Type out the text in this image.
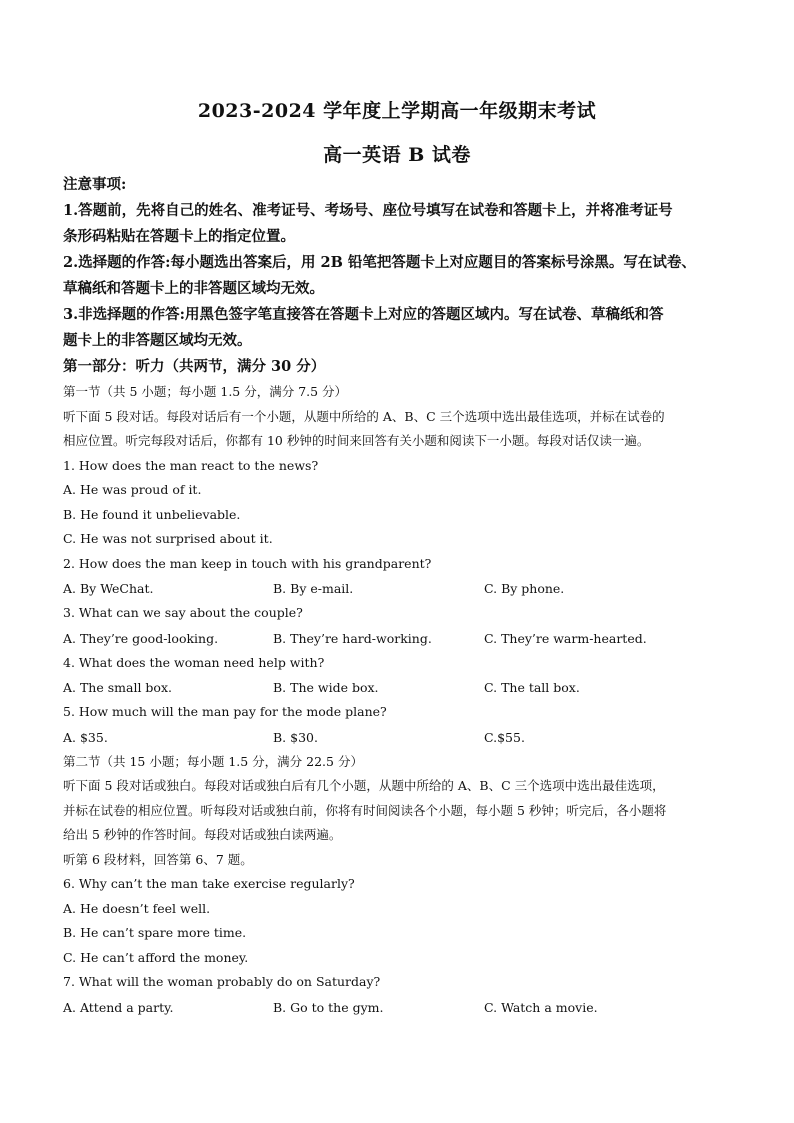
2023-2024 学年度上学期高一年级期末考试
高一英语 B 试卷

注意事项:

1.答题前，先将自己的姓名、准考证号、考场号、座位号填写在试卷和答题卡上，并将准考证号

条形码粘贴在答题卡上的指定位置。

2.选择题的作答:每小题选出答案后，用 2B 铅笔把答题卡上对应题目的答案标号涂黑。写在试卷、

草稿纸和答题卡上的非答题区域均无效。

3.非选择题的作答:用黑色签字笔直接答在答题卡上对应的答题区域内。写在试卷、草稿纸和答

题卡上的非答题区域均无效。

第一部分：听力（共两节，满分 30 分）

第一节（共 5 小题；每小题 1.5 分，满分 7.5 分）

听下面 5 段对话。每段对话后有一个小题，从题中所给的 A、B、C 三个选项中选出最佳选项，并标在试卷的

相应位置。听完每段对话后，你都有 10 秒钟的时间来回答有关小题和阅读下一小题。每段对话仅读一遍。

1. How does the man react to the news?

A. He was proud of it.

B. He found it unbelievable.

C. He was not surprised about it.

2. How does the man keep in touch with his grandparent?

A. By WeChat.	B. By e-mail.	C. By phone.

3. What can we say about the couple?

A. They’re good-looking.	B. They’re hard-working.	C. They’re warm-hearted.

4. What does the woman need help with?

A. The small box.	B. The wide box.	C. The tall box.

5. How much will the man pay for the mode plane?

A. $35.	B. $30.	C.$55.

第二节（共 15 小题；每小题 1.5 分，满分 22.5 分）

听下面 5 段对话或独白。每段对话或独白后有几个小题，从题中所给的 A、B、C 三个选项中选出最佳选项，

并标在试卷的相应位置。听每段对话或独白前，你将有时间阅读各个小题，每小题 5 秒钟；听完后，各小题将

给出 5 秒钟的作答时间。每段对话或独白读两遍。

听第 6 段材料，回答第 6、7 题。

6. Why can’t the man take exercise regularly?

A. He doesn’t feel well.

B. He can’t spare more time.

C. He can’t afford the money.

7. What will the woman probably do on Saturday?

A. Attend a party.	B. Go to the gym.	C. Watch a movie.
